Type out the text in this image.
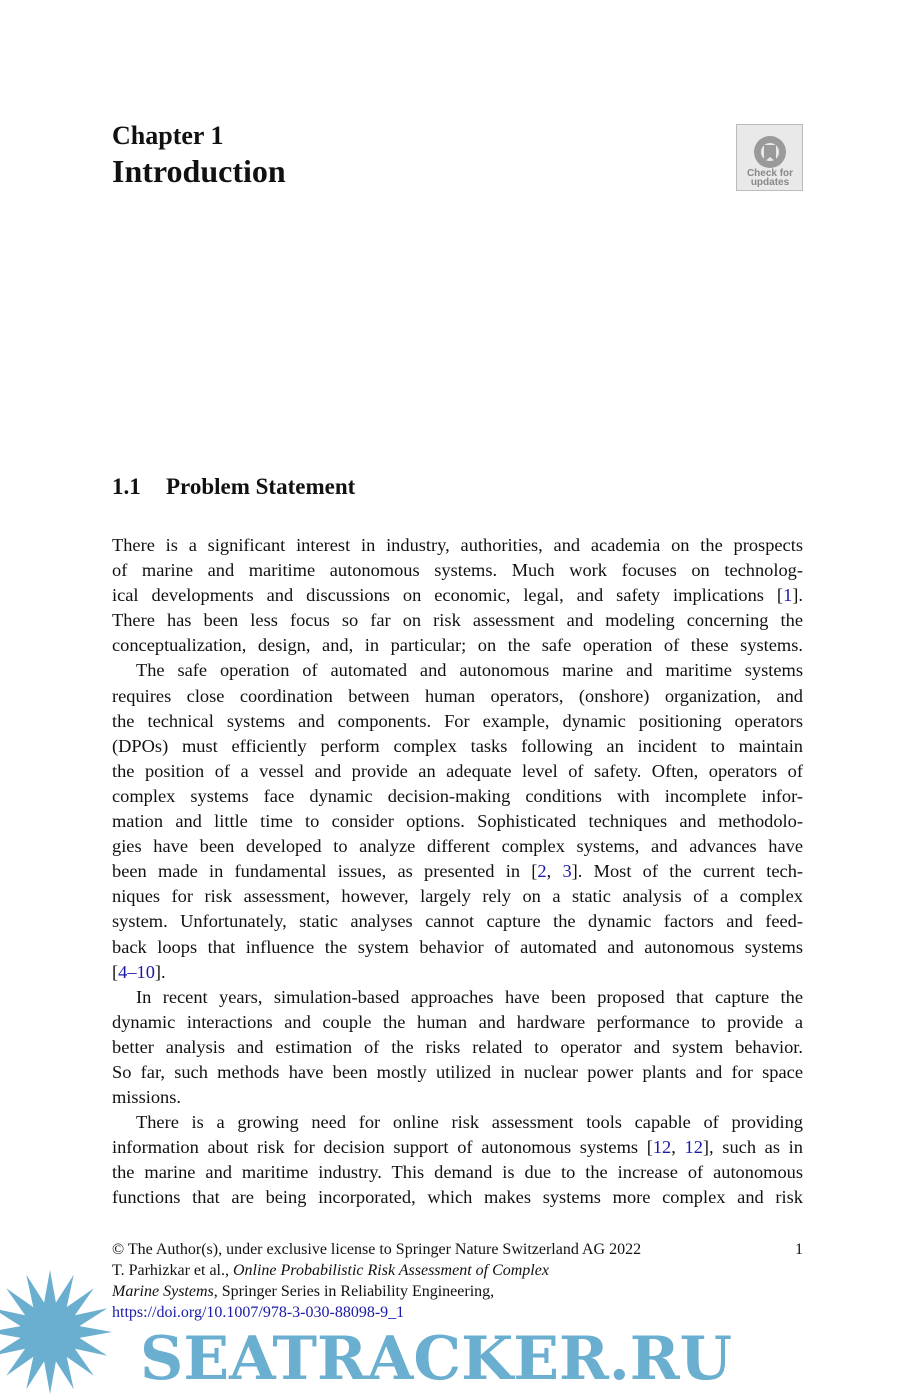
Chapter 1
Introduction	Check for
updates
1.1 Problem Statement
There is a significant interest in industry, authorities, and academia on the prospects
of marine and maritime autonomous systems. Much work focuses on technolog-
ical developments and discussions on economic, legal, and safety implications [1].
There has been less focus so far on risk assessment and modeling concerning the
conceptualization, design, and, in particular; on the safe operation of these systems.
The safe operation of automated and autonomous marine and maritime systems
requires close coordination between human operators, (onshore) organization, and
the technical systems and components. For example, dynamic positioning operators
(DPOs) must efficiently perform complex tasks following an incident to maintain
the position of a vessel and provide an adequate level of safety. Often, operators of
complex systems face dynamic decision-making conditions with incomplete infor-
mation and little time to consider options. Sophisticated techniques and methodolo-
gies have been developed to analyze different complex systems, and advances have
been made in fundamental issues, as presented in [2, 3]. Most of the current tech-
niques for risk assessment, however, largely rely on a static analysis of a complex
system. Unfortunately, static analyses cannot capture the dynamic factors and feed-
back loops that influence the system behavior of automated and autonomous systems
[4–10].
In recent years, simulation-based approaches have been proposed that capture the
dynamic interactions and couple the human and hardware performance to provide a
better analysis and estimation of the risks related to operator and system behavior.
So far, such methods have been mostly utilized in nuclear power plants and for space
missions.
There is a growing need for online risk assessment tools capable of providing
information about risk for decision support of autonomous systems [12, 12], such as in
the marine and maritime industry. This demand is due to the increase of autonomous
functions that are being incorporated, which makes systems more complex and risk
© The Author(s), under exclusive license to Springer Nature Switzerland AG 2022	1
T. Parhizkar et al., Online Probabilistic Risk Assessment of Complex
Marine Systems, Springer Series in Reliability Engineering,
https://doi.org/10.1007/978-3-030-88098-9_1
SEATRACKER.RU
